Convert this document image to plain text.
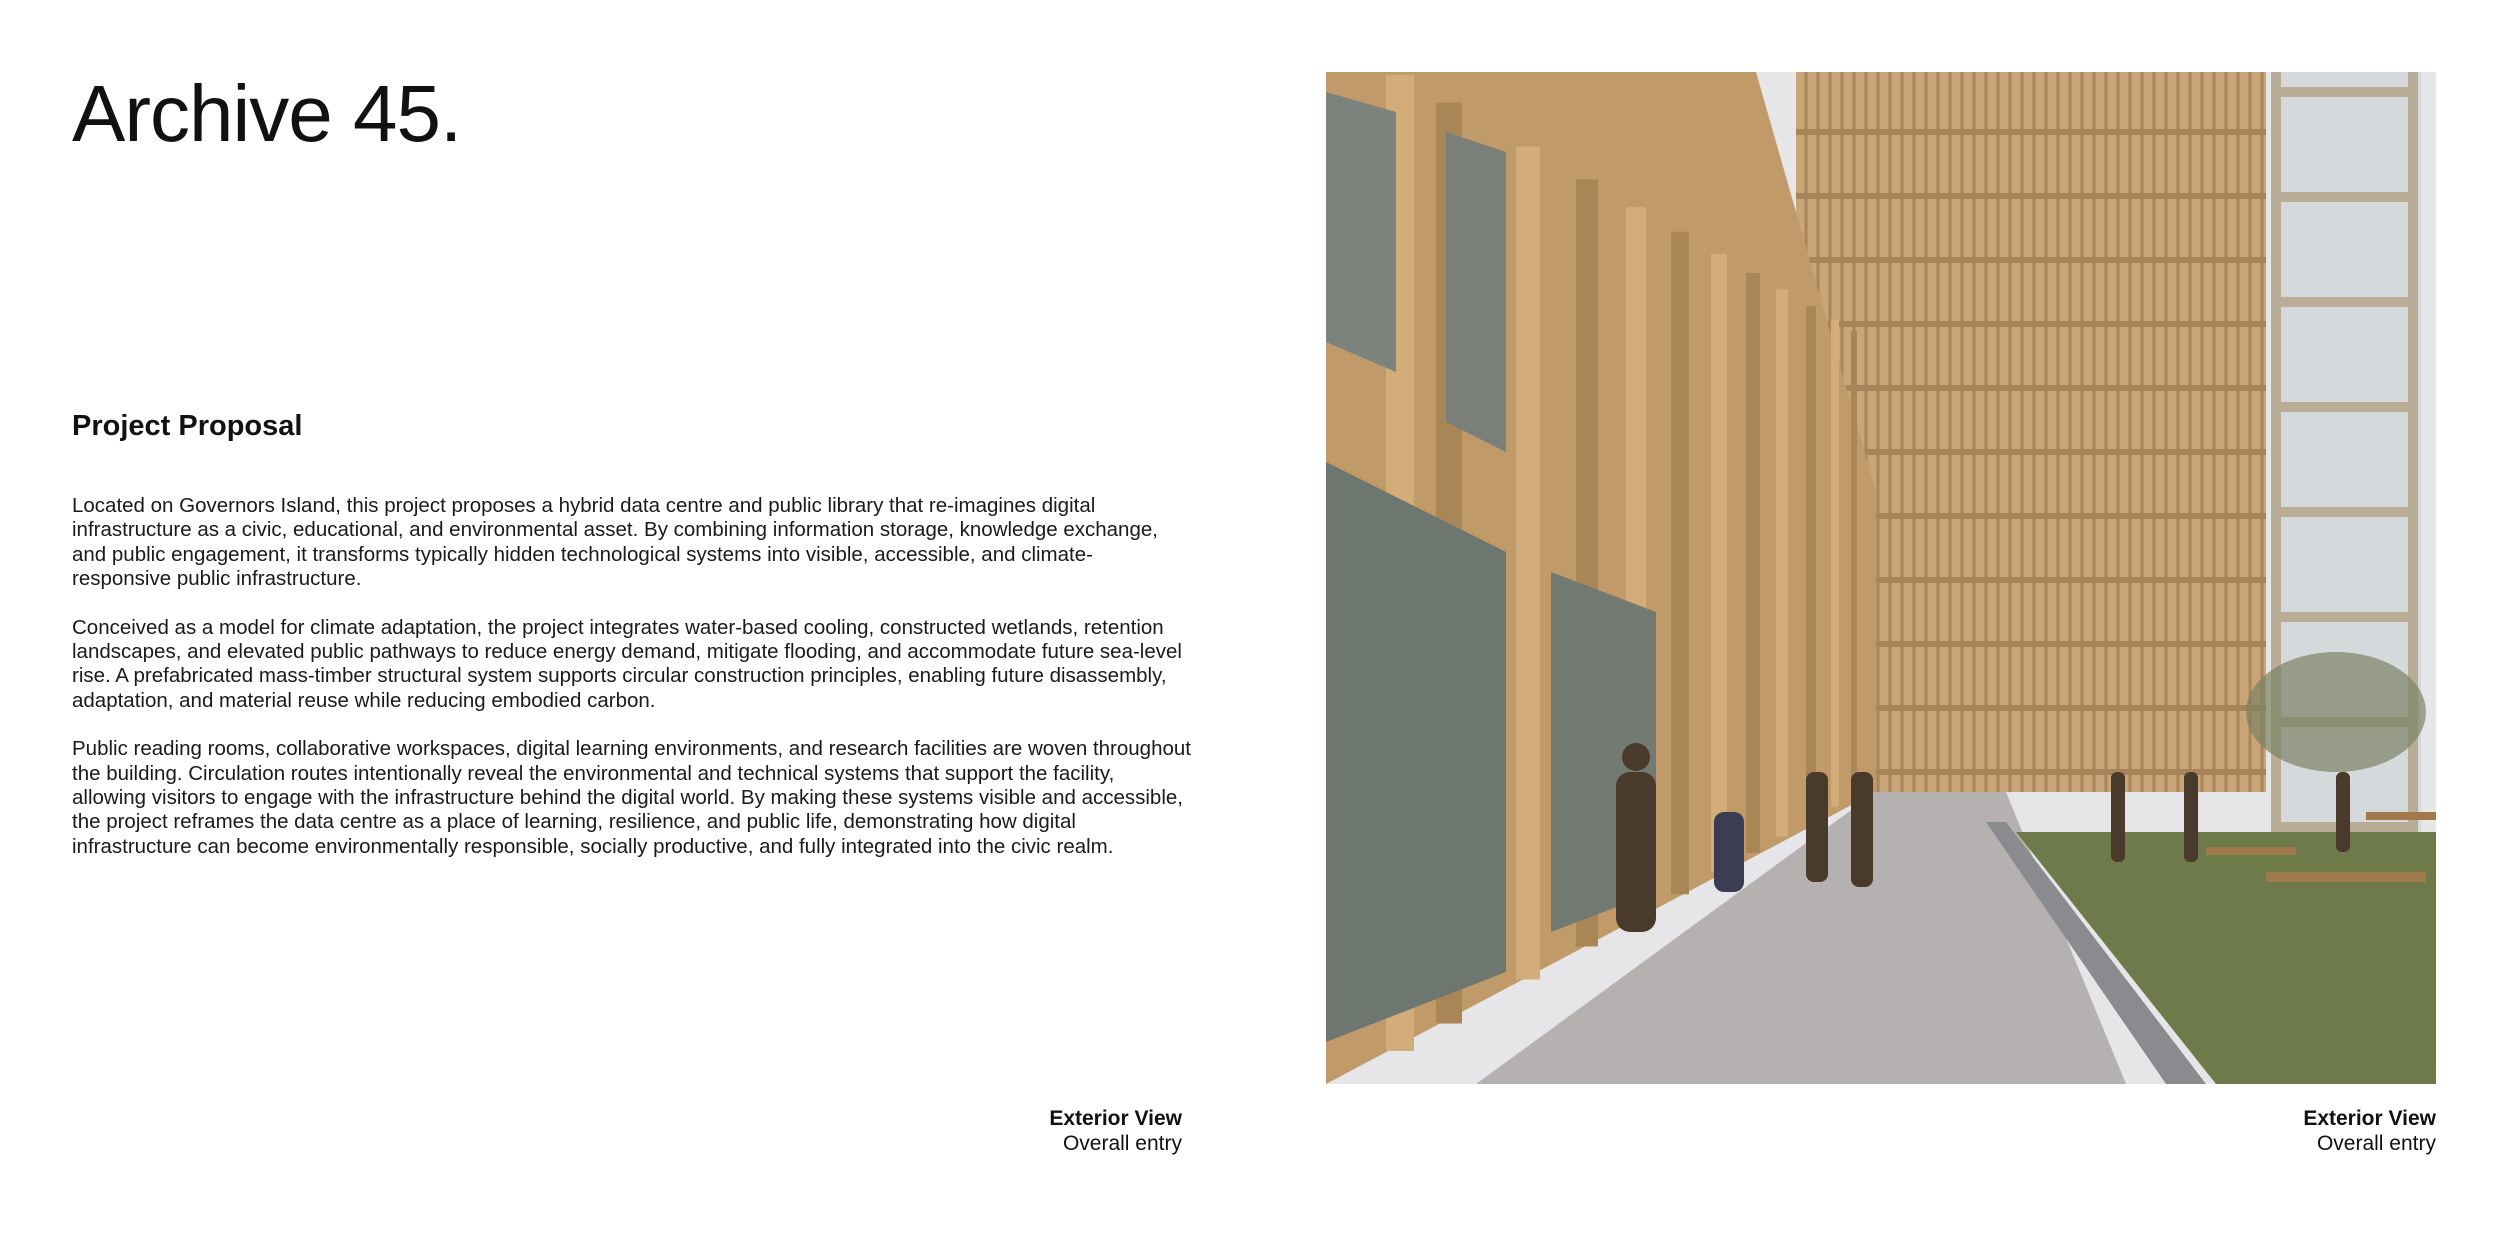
Archive 45.
Project Proposal

Located on Governors Island, this project proposes a hybrid data centre and public library that re-imagines digital infrastructure as a civic, educational, and environmental asset. By combining information storage, knowledge exchange, and public engagement, it transforms typically hidden technological systems into visible, accessible, and climate-responsive public infrastructure.

Conceived as a model for climate adaptation, the project integrates water-based cooling, constructed wetlands, retention landscapes, and elevated public pathways to reduce energy demand, mitigate flooding, and accommodate future sea-level rise. A prefabricated mass-timber structural system supports circular construction principles, enabling future disassembly, adaptation, and material reuse while reducing embodied carbon.

Public reading rooms, collaborative workspaces, digital learning environments, and research facilities are woven throughout the building. Circulation routes intentionally reveal the environmental and technical systems that support the facility, allowing visitors to engage with the infrastructure behind the digital world. By making these systems visible and accessible, the project reframes the data centre as a place of learning, resilience, and public life, demonstrating how digital infrastructure can become environmentally responsible, socially productive, and fully integrated into the civic realm.

Exterior View
Overall entry
Exterior View
Overall entry
